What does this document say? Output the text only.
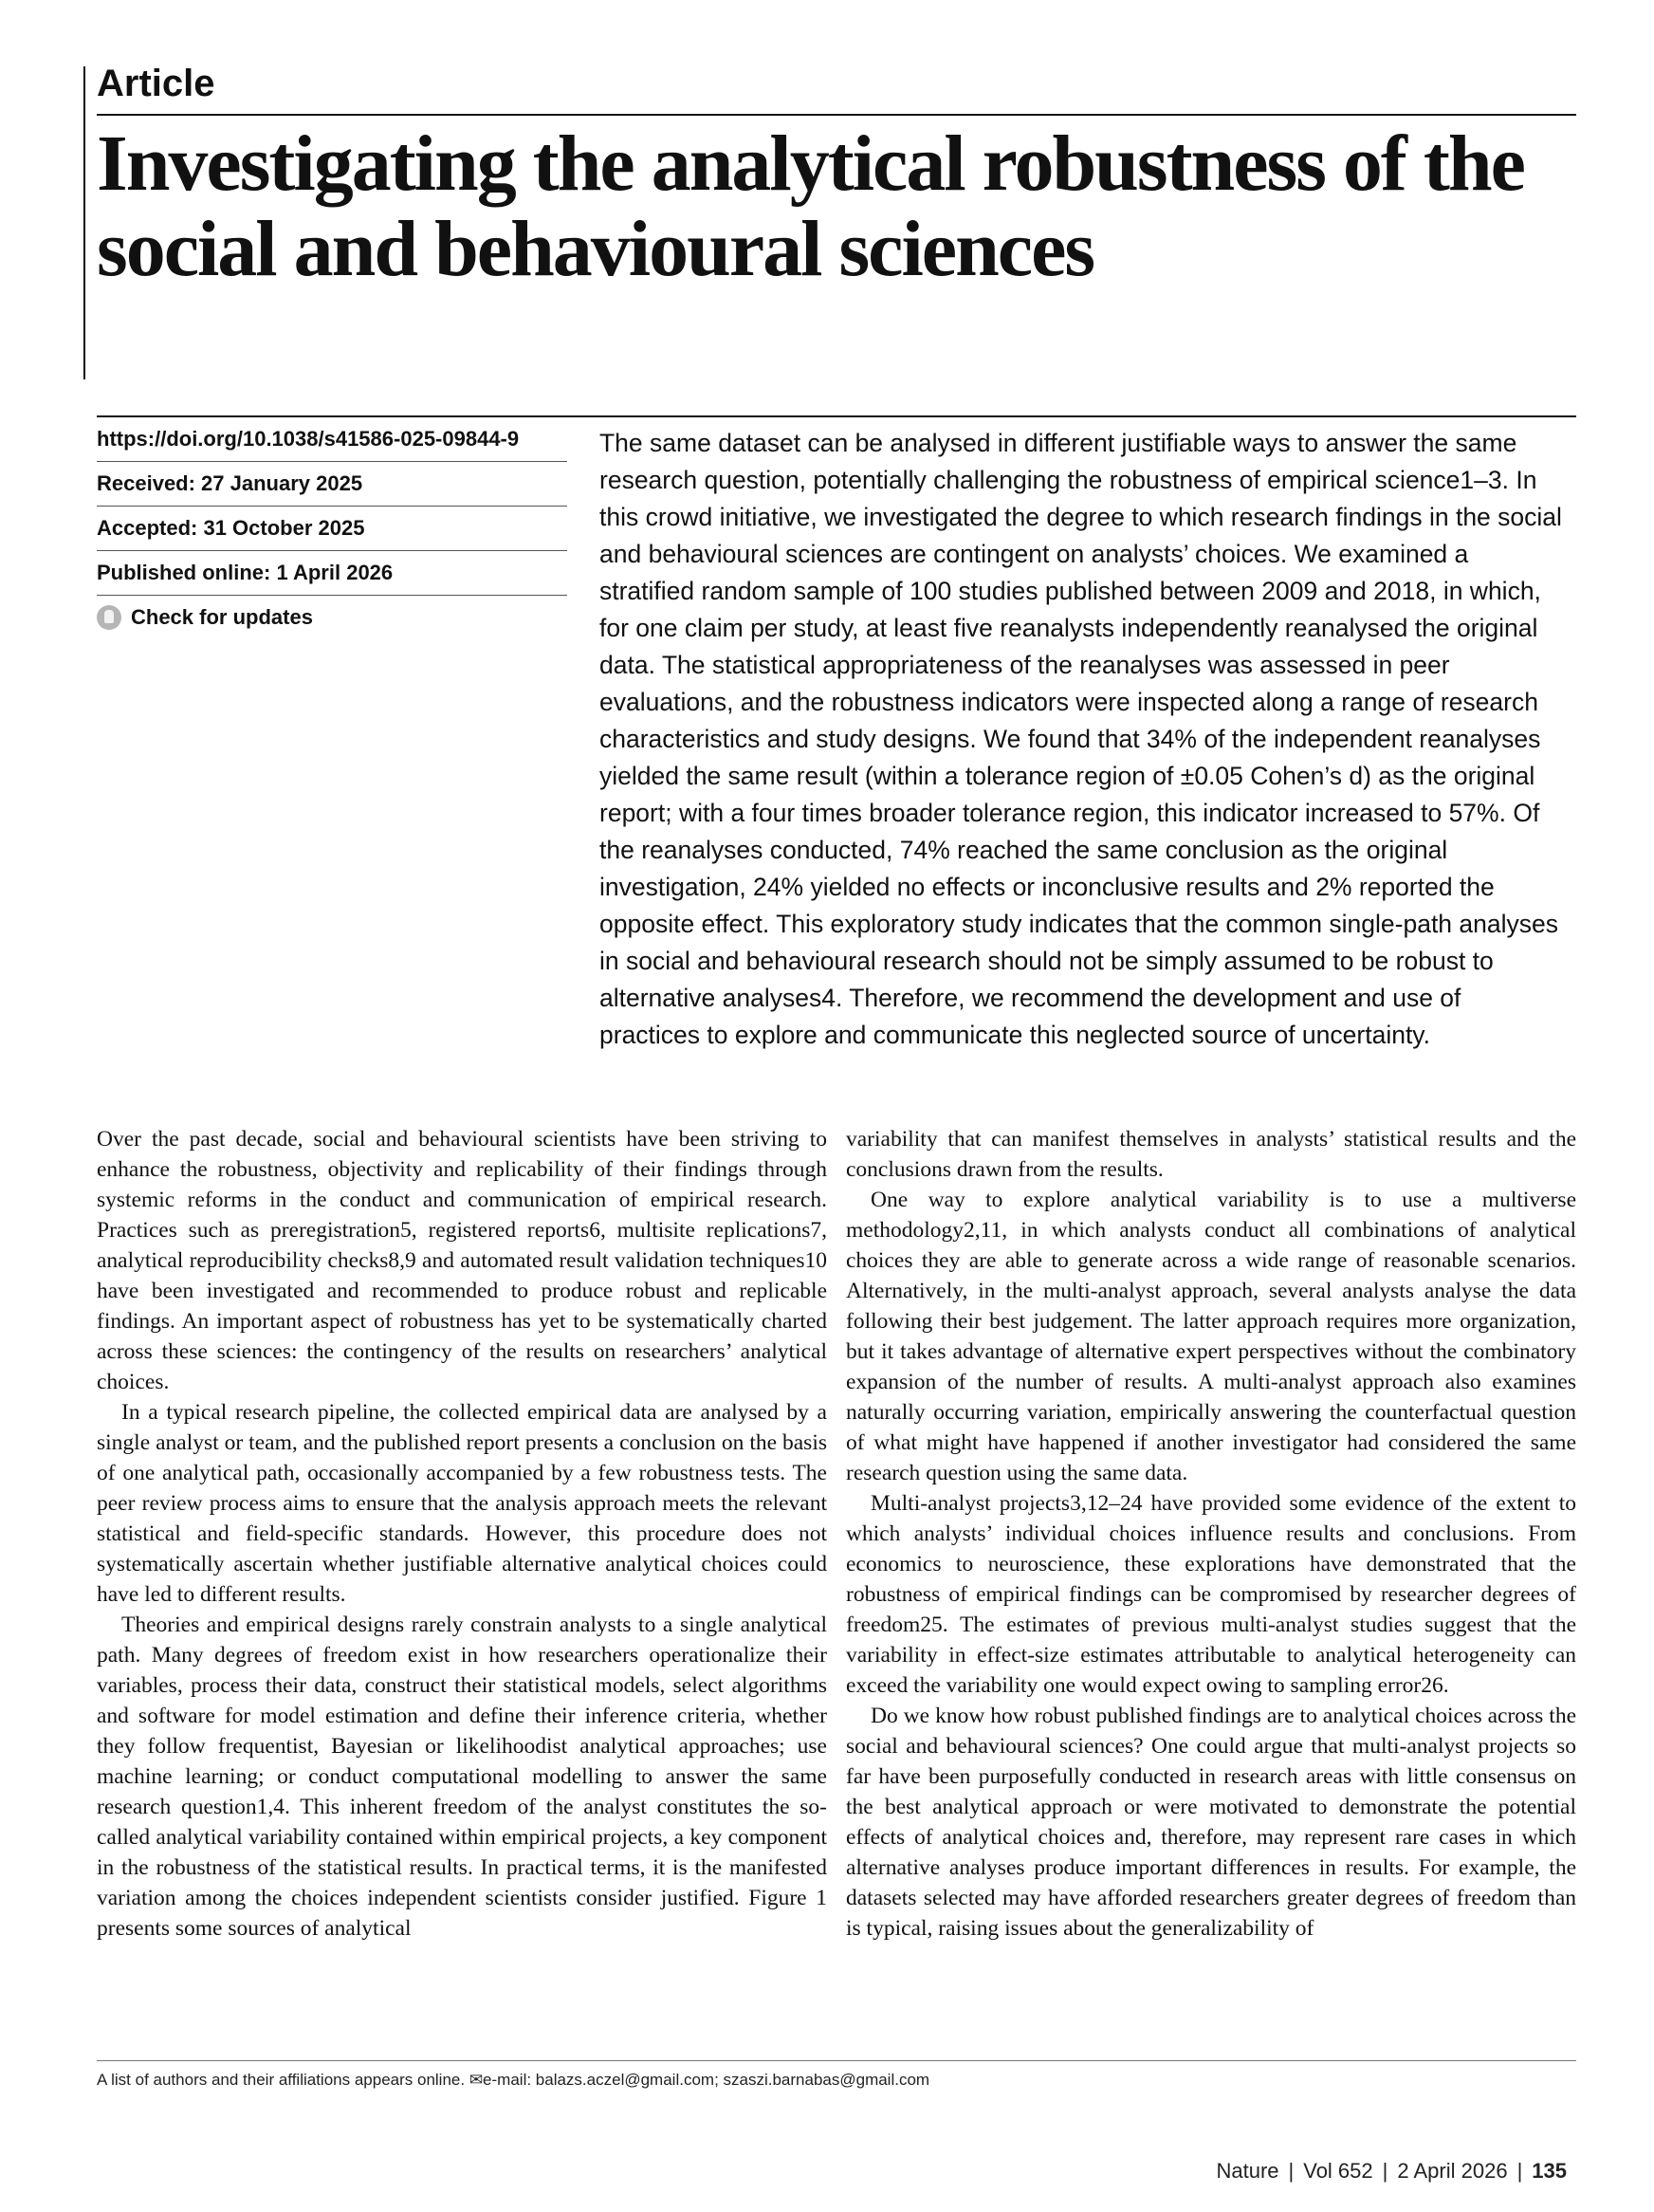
Article
Investigating the analytical robustness of the social and behavioural sciences
https://doi.org/10.1038/s41586-025-09844-9
Received: 27 January 2025
Accepted: 31 October 2025
Published online: 1 April 2026
Check for updates

The same dataset can be analysed in different justifiable ways to answer the same research question, potentially challenging the robustness of empirical science1–3. In this crowd initiative, we investigated the degree to which research findings in the social and behavioural sciences are contingent on analysts’ choices. We examined a stratified random sample of 100 studies published between 2009 and 2018, in which, for one claim per study, at least five reanalysts independently reanalysed the original data. The statistical appropriateness of the reanalyses was assessed in peer evaluations, and the robustness indicators were inspected along a range of research characteristics and study designs. We found that 34% of the independent reanalyses yielded the same result (within a tolerance region of ±0.05 Cohen’s d) as the original report; with a four times broader tolerance region, this indicator increased to 57%. Of the reanalyses conducted, 74% reached the same conclusion as the original investigation, 24% yielded no effects or inconclusive results and 2% reported the opposite effect. This exploratory study indicates that the common single-path analyses in social and behavioural research should not be simply assumed to be robust to alternative analyses4. Therefore, we recommend the development and use of practices to explore and communicate this neglected source of uncertainty.

Over the past decade, social and behavioural scientists have been striving to enhance the robustness, objectivity and replicability of their findings through systemic reforms in the conduct and communication of empirical research. Practices such as preregistration5, registered reports6, multisite replications7, analytical reproducibility checks8,9 and automated result validation techniques10 have been investigated and recommended to produce robust and replicable findings. An important aspect of robustness has yet to be systematically charted across these sciences: the contingency of the results on researchers’ analytical choices.

In a typical research pipeline, the collected empirical data are analysed by a single analyst or team, and the published report presents a conclusion on the basis of one analytical path, occasionally accompanied by a few robustness tests. The peer review process aims to ensure that the analysis approach meets the relevant statistical and field-specific standards. However, this procedure does not systematically ascertain whether justifiable alternative analytical choices could have led to different results.

Theories and empirical designs rarely constrain analysts to a single analytical path. Many degrees of freedom exist in how researchers operationalize their variables, process their data, construct their statistical models, select algorithms and software for model estimation and define their inference criteria, whether they follow frequentist, Bayesian or likelihoodist analytical approaches; use machine learning; or conduct computational modelling to answer the same research question1,4. This inherent freedom of the analyst constitutes the so-called analytical variability contained within empirical projects, a key component in the robustness of the statistical results. In practical terms, it is the manifested variation among the choices independent scientists consider justified. Figure 1 presents some sources of analytical

variability that can manifest themselves in analysts’ statistical results and the conclusions drawn from the results.

One way to explore analytical variability is to use a multiverse methodology2,11, in which analysts conduct all combinations of analytical choices they are able to generate across a wide range of reasonable scenarios. Alternatively, in the multi-analyst approach, several analysts analyse the data following their best judgement. The latter approach requires more organization, but it takes advantage of alternative expert perspectives without the combinatory expansion of the number of results. A multi-analyst approach also examines naturally occurring variation, empirically answering the counterfactual question of what might have happened if another investigator had considered the same research question using the same data.

Multi-analyst projects3,12–24 have provided some evidence of the extent to which analysts’ individual choices influence results and conclusions. From economics to neuroscience, these explorations have demonstrated that the robustness of empirical findings can be compromised by researcher degrees of freedom25. The estimates of previous multi-analyst studies suggest that the variability in effect-size estimates attributable to analytical heterogeneity can exceed the variability one would expect owing to sampling error26.

Do we know how robust published findings are to analytical choices across the social and behavioural sciences? One could argue that multi-analyst projects so far have been purposefully conducted in research areas with little consensus on the best analytical approach or were motivated to demonstrate the potential effects of analytical choices and, therefore, may represent rare cases in which alternative analyses produce important differences in results. For example, the datasets selected may have afforded researchers greater degrees of freedom than is typical, raising issues about the generalizability of

A list of authors and their affiliations appears online. ✉e-mail: balazs.aczel@gmail.com; szaszi.barnabas@gmail.com
Nature | Vol 652 | 2 April 2026 | 135
